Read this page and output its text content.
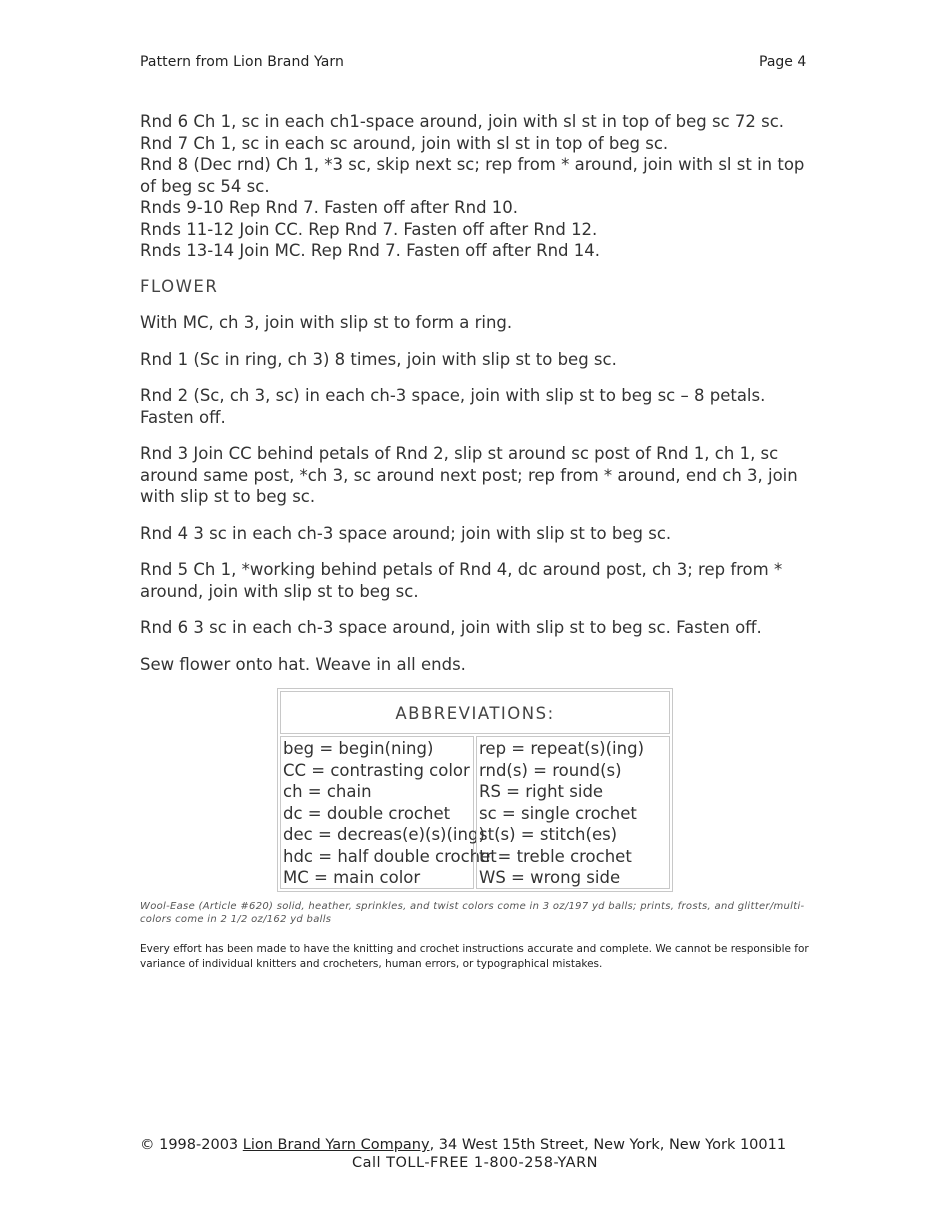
Pattern from Lion Brand Yarn	Page 4

Rnd 6 Ch 1, sc in each ch1-space around, join with sl st in top of beg sc 72 sc.

Rnd 7 Ch 1, sc in each sc around, join with sl st in top of beg sc.

Rnd 8 (Dec rnd) Ch 1, *3 sc, skip next sc; rep from * around, join with sl st in top of beg sc 54 sc.

Rnds 9-10 Rep Rnd 7. Fasten off after Rnd 10.

Rnds 11-12 Join CC. Rep Rnd 7. Fasten off after Rnd 12.

Rnds 13-14 Join MC. Rep Rnd 7. Fasten off after Rnd 14.

FLOWER

With MC, ch 3, join with slip st to form a ring.

Rnd 1 (Sc in ring, ch 3) 8 times, join with slip st to beg sc.

Rnd 2 (Sc, ch 3, sc) in each ch-3 space, join with slip st to beg sc – 8 petals. Fasten off.

Rnd 3 Join CC behind petals of Rnd 2, slip st around sc post of Rnd 1, ch 1, sc around same post, *ch 3, sc around next post; rep from * around, end ch 3, join with slip st to beg sc.

Rnd 4 3 sc in each ch-3 space around; join with slip st to beg sc.

Rnd 5 Ch 1, *working behind petals of Rnd 4, dc around post, ch 3; rep from * around, join with slip st to beg sc.

Rnd 6 3 sc in each ch-3 space around, join with slip st to beg sc. Fasten off.

Sew flower onto hat. Weave in all ends.

ABBREVIATIONS:
beg = begin(ning)
CC = contrasting color
ch = chain
dc = double crochet
dec = decreas(e)(s)(ing)
hdc = half double crochet
MC = main color
rep = repeat(s)(ing)
rnd(s) = round(s)
RS = right side
sc = single crochet
st(s) = stitch(es)
tr = treble crochet
WS = wrong side
Wool-Ease (Article #620) solid, heather, sprinkles, and twist colors come in 3 oz/197 yd balls; prints, frosts, and glitter/multi-colors come in 2 1/2 oz/162 yd balls
Every effort has been made to have the knitting and crochet instructions accurate and complete. We cannot be responsible for variance of individual knitters and crocheters, human errors, or typographical mistakes.
© 1998-2003 Lion Brand Yarn Company, 34 West 15th Street, New York, New York 10011
Call TOLL-FREE 1-800-258-YARN
